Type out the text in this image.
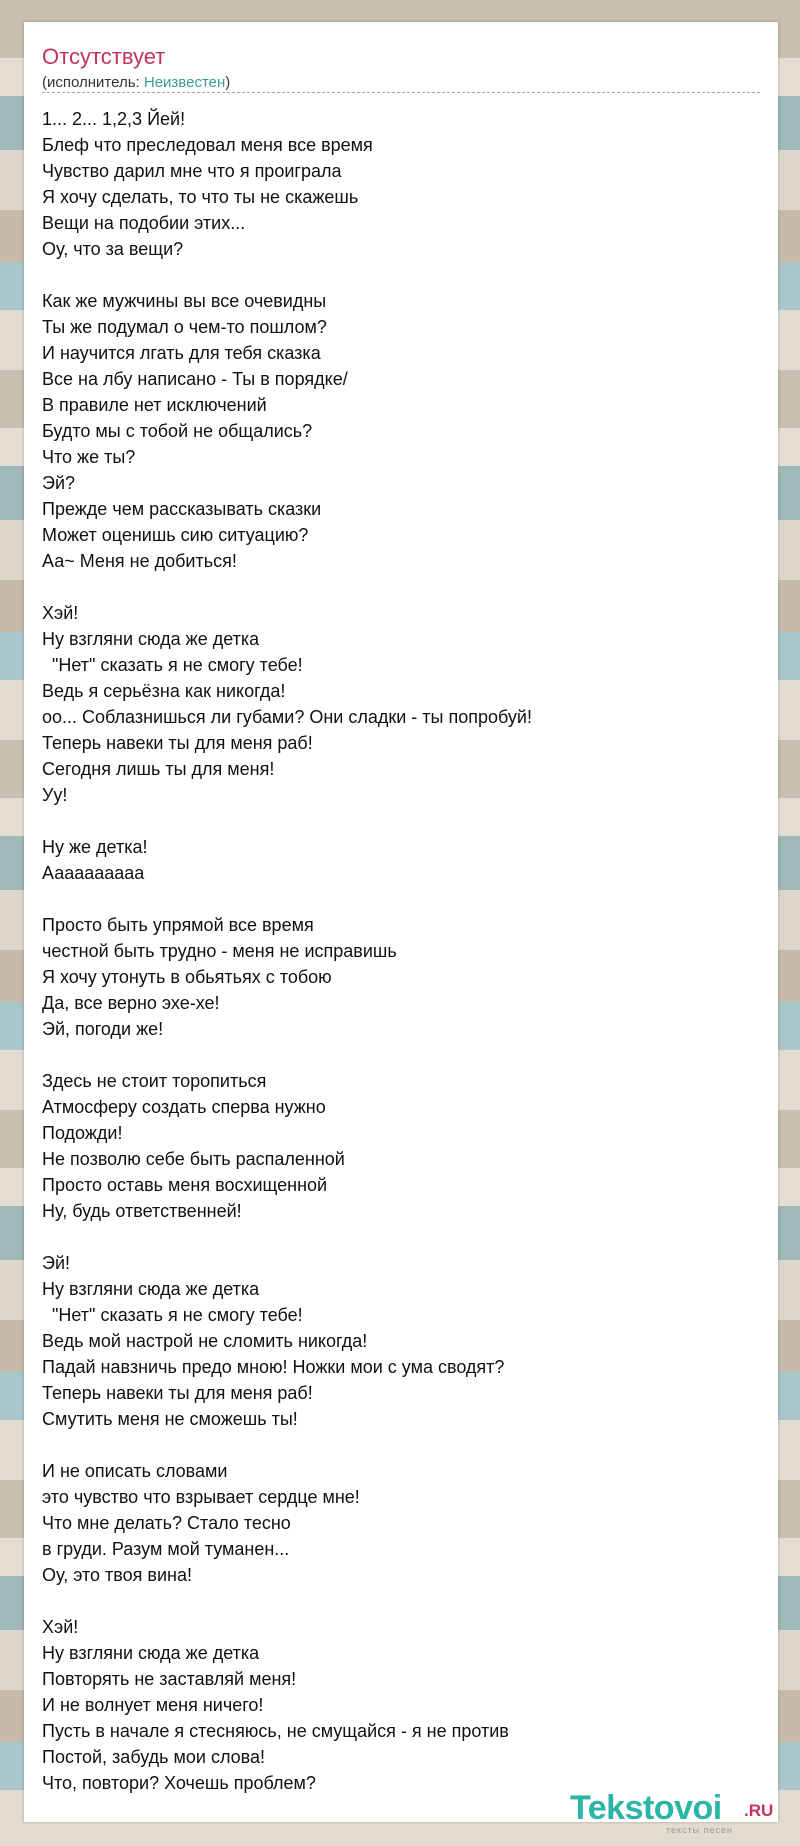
Отсутствует
(исполнитель: Неизвестен)
1... 2... 1,2,3 Йей!
Блеф что преследовал меня все время
Чувство дарил мне что я проиграла
Я хочу сделать, то что ты не скажешь
Вещи на подобии этих...
Оу, что за вещи?
Как же мужчины вы все очевидны
Ты же подумал о чем-то пошлом?
И научится лгать для тебя сказка
Все на лбу написано - Ты в порядке/
В правиле нет исключений
Будто мы с тобой не общались?
Что же ты?
Эй?
Прежде чем рассказывать сказки
Может оценишь сию ситуацию?
Аа~ Меня не добиться!
Хэй!
Ну взгляни сюда же детка
"Нет" сказать я не смогу тебе!
Ведь я серьёзна как никогда!
оо... Соблазнишься ли губами? Они сладки - ты попробуй!
Теперь навеки ты для меня раб!
Сегодня лишь ты для меня!
Уу!
Ну же детка!
Аааааааааа
Просто быть упрямой все время
честной быть трудно - меня не исправишь
Я хочу утонуть в обьятьях с тобою
Да, все верно эхе-хе!
Эй, погоди же!
Здесь не стоит торопиться
Атмосферу создать сперва нужно
Подожди!
Не позволю себе быть распаленной
Просто оставь меня восхищенной
Ну, будь ответственней!
Эй!
Ну взгляни сюда же детка
"Нет" сказать я не смогу тебе!
Ведь мой настрой не сломить никогда!
Падай навзничь предо мною! Ножки мои с ума сводят?
Теперь навеки ты для меня раб!
Смутить меня не сможешь ты!
И не описать словами
это чувство что взрывает сердце мне!
Что мне делать? Стало тесно
в груди. Разум мой туманен...
Оу, это твоя вина!
Хэй!
Ну взгляни сюда же детка
Повторять не заставляй меня!
И не волнует меня ничего!
Пусть в начале я стесняюсь, не смущайся - я не против
Постой, забудь мои слова!
Что, повтори? Хочешь проблем?
Tekstovoi .RU
тексты песен
